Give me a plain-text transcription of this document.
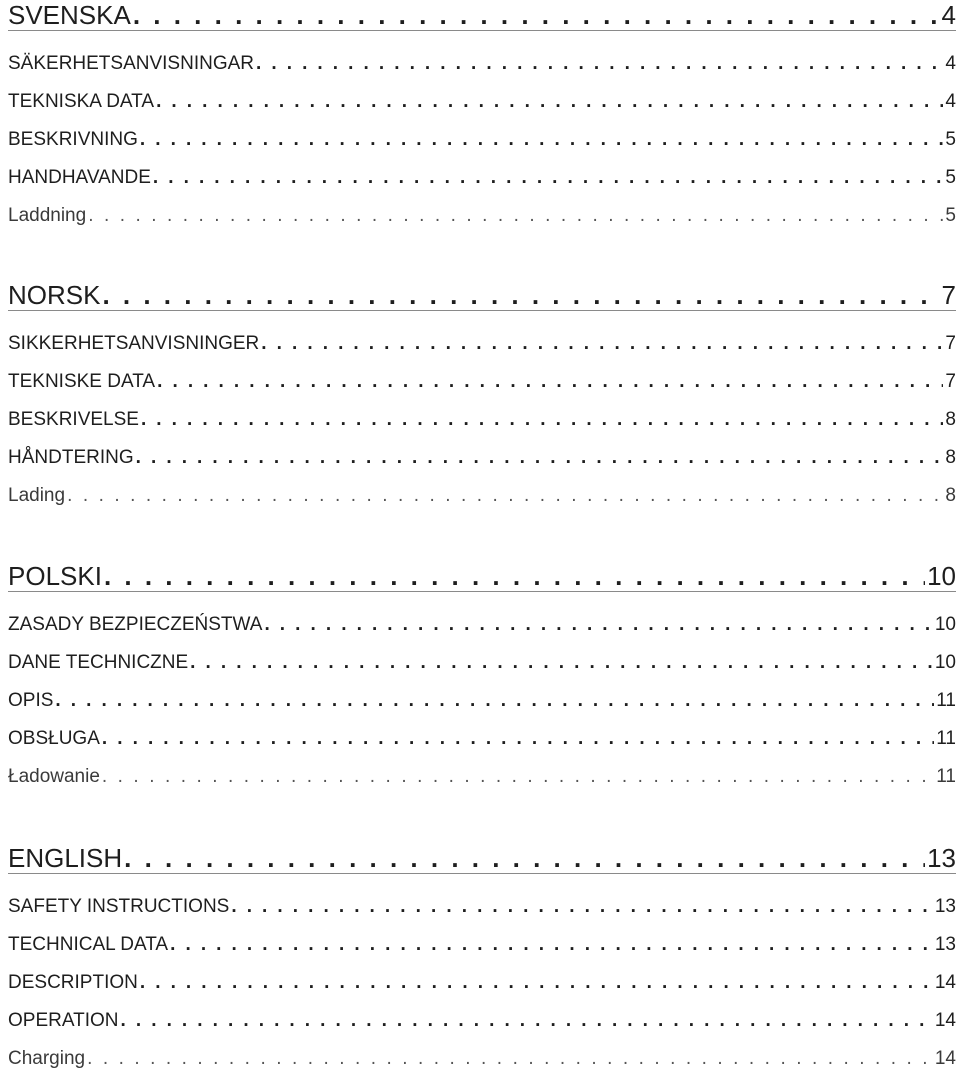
SVENSKA . . .	4
SÄKERHETSANVISNINGAR . . .	4
TEKNISKA DATA . . .	4
BESKRIVNING . . .	5
HANDHAVANDE . . .	5
Laddning . . .	5
NORSK . . .	7
SIKKERHETSANVISNINGER . . .	7
TEKNISKE DATA . . .	7
BESKRIVELSE . . .	8
HÅNDTERING . . .	8
Lading . . .	8
POLSKI . . .	10
ZASADY BEZPIECZEŃSTWA . . .	10
DANE TECHNICZNE . . .	10
OPIS . . .	11
OBSŁUGA . . .	11
Ładowanie . . .	11
ENGLISH . . .	13
SAFETY INSTRUCTIONS . . .	13
TECHNICAL DATA . . .	13
DESCRIPTION . . .	14
OPERATION . . .	14
Charging . . .	14
